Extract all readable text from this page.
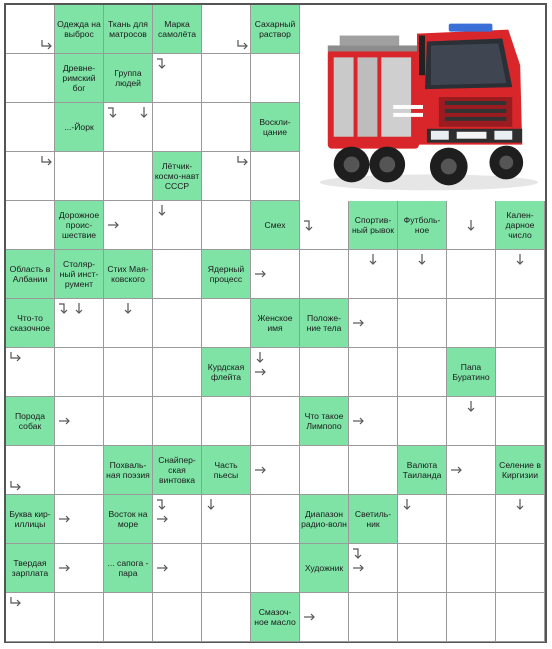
Одежда на выброс
Ткань для матросов
Марка самолёта
Сахарный раствор
Древне-римский бог
Группа людей
...-Йорк	Воскли-цание
Лётчик-космо-навт СССР
Дорожное проис-шествие
Смех	Спортив-ный рывок
Футболь-ное
Кален-дарное число
Область в Албании
Столяр-ный инст-румент
Стих Мая-ковского
Ядерный процесс
Что-то сказочное
Женское имя
Положе-ние тела
Курдская флейта
Папа Буратино
Порода собак
Что такое Лимпопо
Похваль-ная поэзия
Снайпер-ская винтовка
Часть пьесы
Валюта Таиланда
Селение в Киргизии
Буква кир-иллицы
Восток на море
Диапазон радио-волн
Светиль-ник
Твердая зарплата
... сапога - пара	Художник
Смазоч-ное масло
